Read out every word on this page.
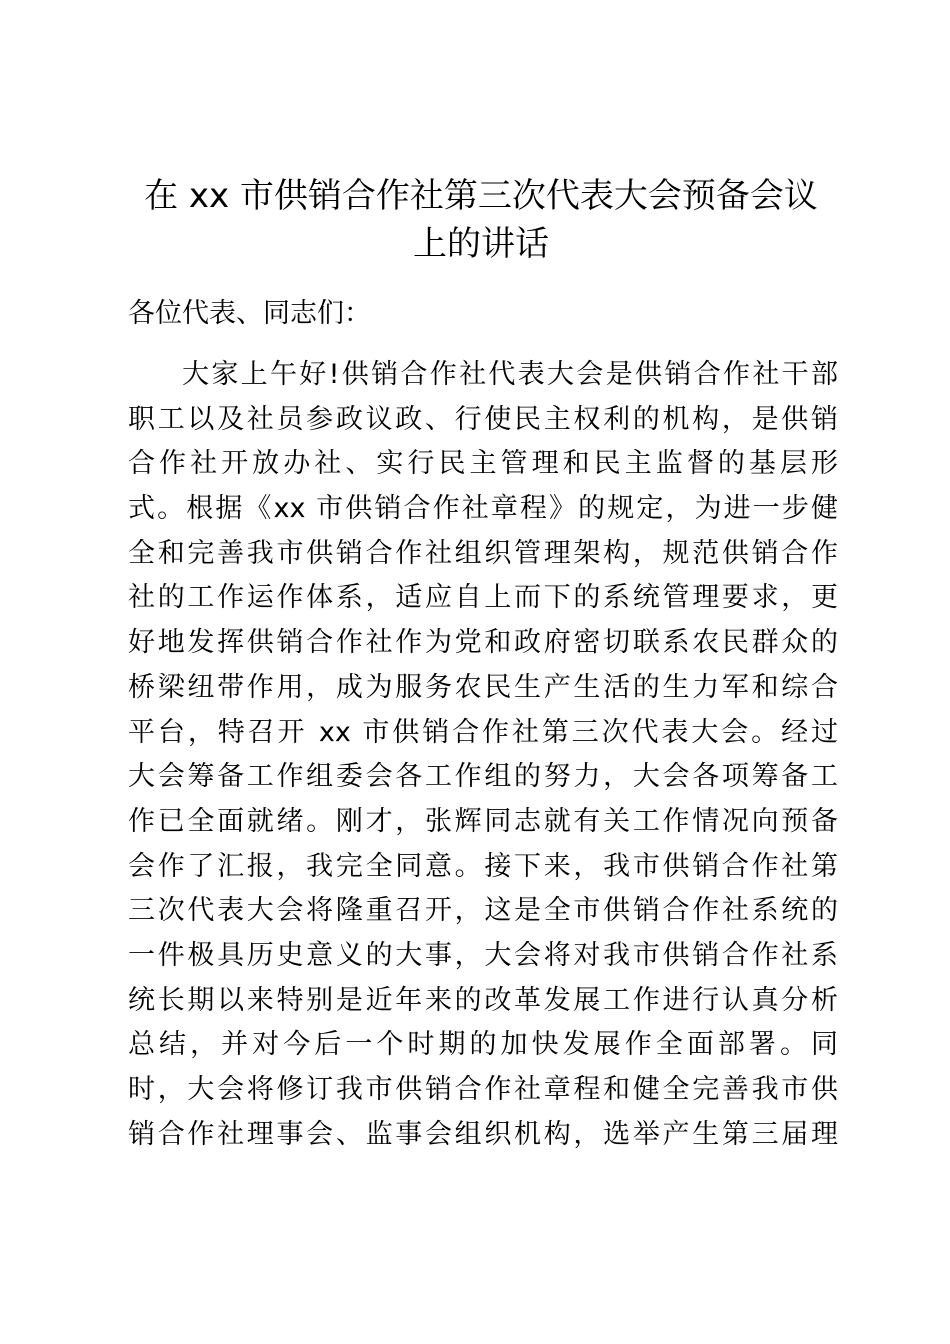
在 xx 市供销合作社第三次代表大会预备会议
上的讲话

各位代表、同志们：

大家上午好!供销合作社代表大会是供销合作社干部
职工以及社员参政议政、行使民主权利的机构，是供销
合作社开放办社、实行民主管理和民主监督的基层形
式。根据《xx 市供销合作社章程》的规定，为进一步健
全和完善我市供销合作社组织管理架构，规范供销合作
社的工作运作体系，适应自上而下的系统管理要求，更
好地发挥供销合作社作为党和政府密切联系农民群众的
桥梁纽带作用，成为服务农民生产生活的生力军和综合
平台，特召开 xx 市供销合作社第三次代表大会。经过
大会筹备工作组委会各工作组的努力，大会各项筹备工
作已全面就绪。刚才，张辉同志就有关工作情况向预备
会作了汇报，我完全同意。接下来，我市供销合作社第
三次代表大会将隆重召开，这是全市供销合作社系统的
一件极具历史意义的大事，大会将对我市供销合作社系
统长期以来特别是近年来的改革发展工作进行认真分析
总结，并对今后一个时期的加快发展作全面部署。同
时，大会将修订我市供销合作社章程和健全完善我市供
销合作社理事会、监事会组织机构，选举产生第三届理
